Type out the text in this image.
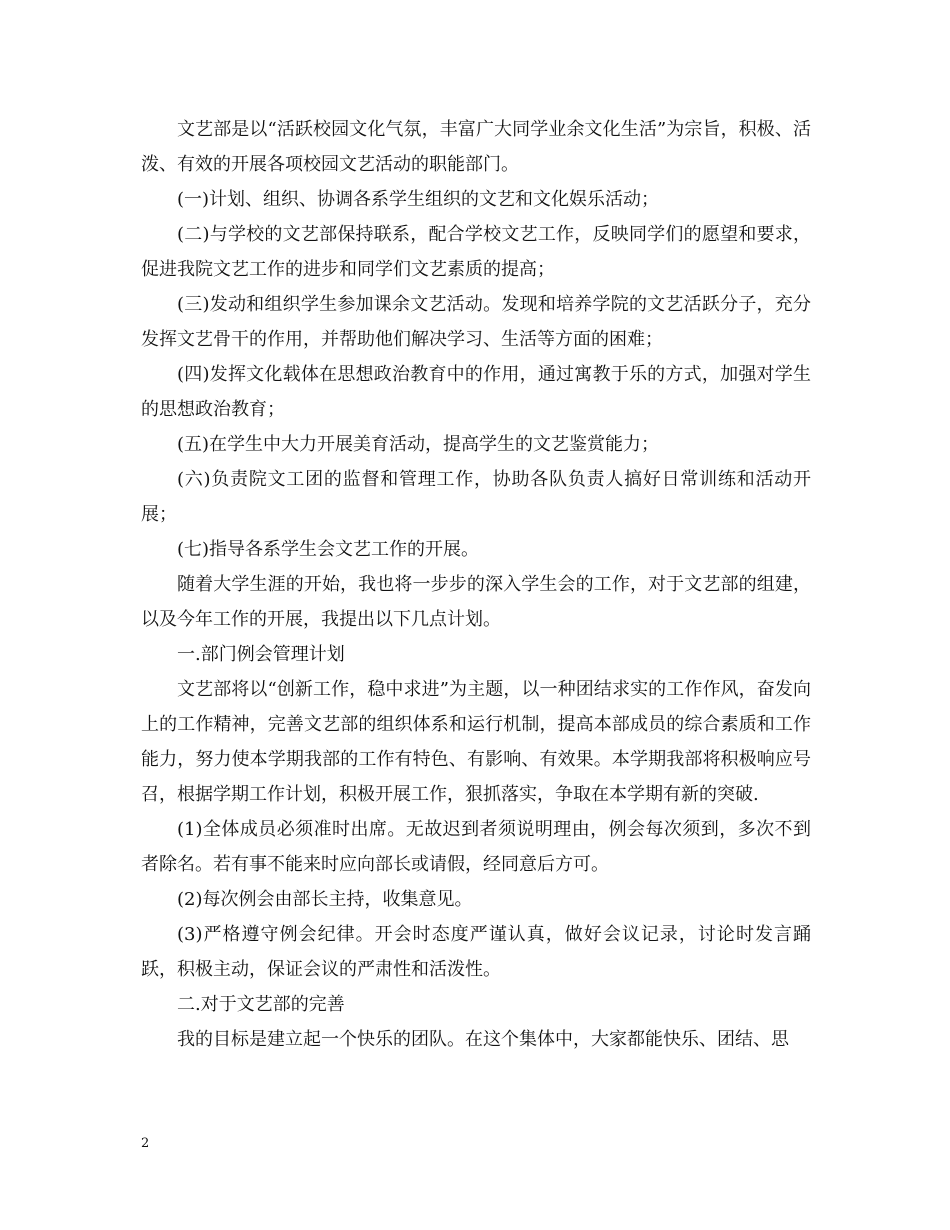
文艺部是以“活跃校园文化气氛，丰富广大同学业余文化生活”为宗旨，积极、活泼、有效的开展各项校园文艺活动的职能部门。

(一)计划、组织、协调各系学生组织的文艺和文化娱乐活动；

(二)与学校的文艺部保持联系，配合学校文艺工作，反映同学们的愿望和要求，促进我院文艺工作的进步和同学们文艺素质的提高；

(三)发动和组织学生参加课余文艺活动。发现和培养学院的文艺活跃分子，充分发挥文艺骨干的作用，并帮助他们解决学习、生活等方面的困难；

(四)发挥文化载体在思想政治教育中的作用，通过寓教于乐的方式，加强对学生的思想政治教育；

(五)在学生中大力开展美育活动，提高学生的文艺鉴赏能力；

(六)负责院文工团的监督和管理工作，协助各队负责人搞好日常训练和活动开展；

(七)指导各系学生会文艺工作的开展。

随着大学生涯的开始，我也将一步步的深入学生会的工作，对于文艺部的组建，以及今年工作的开展，我提出以下几点计划。

一.部门例会管理计划

文艺部将以“创新工作，稳中求进”为主题，以一种团结求实的工作作风，奋发向上的工作精神，完善文艺部的组织体系和运行机制，提高本部成员的综合素质和工作能力，努力使本学期我部的工作有特色、有影响、有效果。本学期我部将积极响应号召，根据学期工作计划，积极开展工作，狠抓落实，争取在本学期有新的突破.

(1)全体成员必须准时出席。无故迟到者须说明理由，例会每次须到，多次不到者除名。若有事不能来时应向部长或请假，经同意后方可。

(2)每次例会由部长主持，收集意见。

(3)严格遵守例会纪律。开会时态度严谨认真，做好会议记录，讨论时发言踊跃，积极主动，保证会议的严肃性和活泼性。

二.对于文艺部的完善

我的目标是建立起一个快乐的团队。在这个集体中，大家都能快乐、团结、思

2
